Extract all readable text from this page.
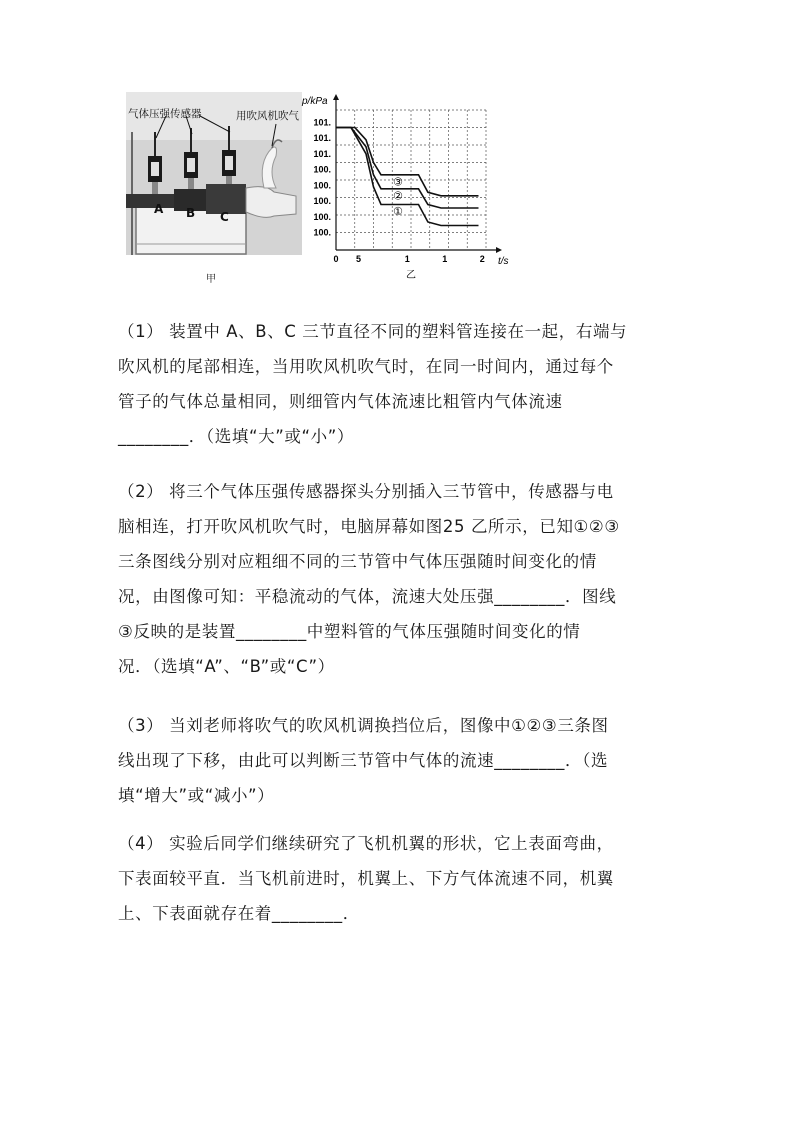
气体压强传感器	用吹风机吹气
A B C
甲
p/kPa
t/s
101.
101.
101.
100.
100.
100.
100.
100.
0 5	1	1	2
乙
①
②
③

（1） 装置中 A、B、C 三节直径不同的塑料管连接在一起，右端与

吹风机的尾部相连，当用吹风机吹气时，在同一时间内，通过每个

管子的气体总量相同，则细管内气体流速比粗管内气体流速

________．（选填“大”或“小”）

（2） 将三个气体压强传感器探头分别插入三节管中，传感器与电

脑相连，打开吹风机吹气时，电脑屏幕如图25 乙所示，已知①②③

三条图线分别对应粗细不同的三节管中气体压强随时间变化的情

况，由图像可知：平稳流动的气体，流速大处压强________．图线

③反映的是装置________中塑料管的气体压强随时间变化的情

况．（选填“A”、“B”或“C”）

（3） 当刘老师将吹气的吹风机调换挡位后，图像中①②③三条图

线出现了下移，由此可以判断三节管中气体的流速________．（选

填“增大”或“减小”）

（4） 实验后同学们继续研究了飞机机翼的形状，它上表面弯曲，

下表面较平直．当飞机前进时，机翼上、下方气体流速不同，机翼

上、下表面就存在着________．
